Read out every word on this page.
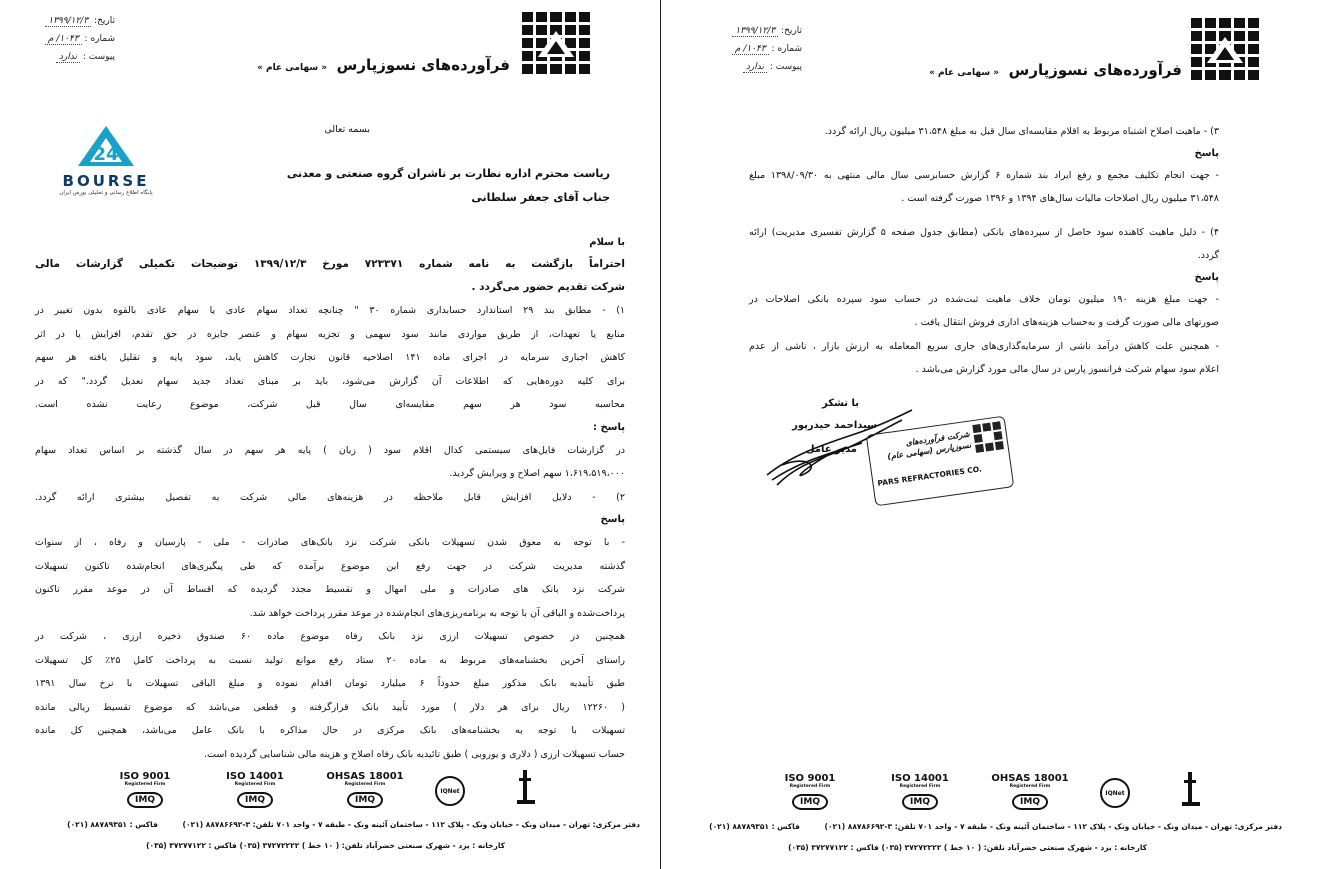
فرآورده‌های نسوزپارس « سهامی عام »
تاریخ: ۱۳۹۹/۱۲/۳
شماره : ۱۰۴۳/ م
پیوست : ندارد
بسمه تعالی
24
BOURSE
پایگاه اطلاع رسانی و تحلیلی بورس ایران
ریاست محترم اداره نظارت بر ناشران گروه صنعتی و معدنی
جناب آقای جعفر سلطانی
با سلام
احتراماً بازگشت به نامه شماره ۷۲۳۳۷۱ مورخ ۱۳۹۹/۱۲/۳ توضیحات تکمیلی گزارشات مالی
شرکت تقدیم حضور می‌گردد .
۱) - مطابق بند ۲۹ استاندارد حسابداری شماره ۳۰ " چنانچه تعداد سهام عادی یا سهام عادی بالقوه بدون تغییر در
منابع یا تعهدات، از طریق مواردی مانند سود سهمی و تجزیه سهام و عنصر جایزه در حق تقدم، افزایش یا در اثر
کاهش اجباری سرمایه در اجرای ماده ۱۴۱ اصلاحیه قانون تجارت کاهش یابد، سود پایه و تقلیل یافته هر سهم
برای کلیه دوره‌هایی که اطلاعات آن گزارش می‌شود، باید بر مبنای تعداد جدید سهام تعدیل گردد." که در
محاسبه سود هر سهم مقایسه‌ای سال قبل شرکت، موضوع رعایت نشده است.
پاسخ :
در گزارشات فایل‌های سیستمی کدال اقلام سود ( زیان ) پایه هر سهم در سال گذشته بر اساس تعداد سهام
۱،۶۱۹،۵۱۹،۰۰۰ سهم اصلاح و ویرایش گردید.
۲) - دلایل افزایش قابل ملاحظه در هزینه‌های مالی شرکت به تفصیل بیشتری ارائه گردد.
پاسخ
- با توجه به معوق شدن تسهیلات بانکی شرکت نزد بانک‌های صادرات - ملی - پارسیان و رفاه ، از سنوات
گذشته مدیریت شرکت در جهت رفع این موضوع برآمده که طی پیگیری‌های انجام‌شده تاکنون تسهیلات
شرکت نزد بانک های صادرات و ملی امهال و تقسیط مجدد گردیده که اقساط آن در موعد مقرر تاکنون
پرداخت‌شده و الباقی آن با توجه به برنامه‌ریزی‌های انجام‌شده در موعد مقرر پرداخت خواهد شد.
همچنین در خصوص تسهیلات ارزی نزد بانک رفاه موضوع ماده ۶۰ صندوق ذخیره ارزی ، شرکت در
راستای آخرین بخشنامه‌های مربوط به ماده ۲۰ ستاد رفع موانع تولید نسبت به پرداخت کامل ۲۵٪ کل تسهیلات
طبق تأییدیه بانک مذکور مبلغ حدوداً ۶ میلیارد تومان اقدام نموده و مبلغ الباقی تسهیلات با نرخ سال ۱۳۹۱
( ۱۲۲۶۰ ریال برای هر دلار ) مورد تأیید بانک قرارگرفته و قطعی می‌باشد که موضوع تقسیط ریالی مانده
تسهیلات با توجه به بخشنامه‌های بانک مرکزی در حال مذاکره با بانک عامل می‌باشد، همچنین کل مانده
حساب تسهیلات ارزی ( دلاری و یوروبی ) طبق تائیدیه بانک رفاه اصلاح و هزینه مالی شناسایی گردیده است.
ISO 9001
Registered Firm
IMQ
ISO 14001
Registered Firm
IMQ
OHSAS 18001
Registered Firm
IMQ
IQNet
دفتر مرکزی: تهران - میدان ونک - خیابان ونک - پلاک ۱۱۲ - ساختمان آئینه ونک - طبقه ۷ - واحد ۷۰۱ تلفن: ۳-۸۸۷۸۶۶۹۲ (۰۲۱) فاکس : ۸۸۷۸۹۳۵۱ (۰۲۱)
کارخانه : یزد - شهرک صنعتی خضرآباد تلفن: ( ۱۰ خط ) ۳۷۲۷۲۲۲۲ (۰۳۵) فاکس : ۳۷۲۷۷۱۲۲ (۰۳۵)
فرآورده‌های نسوزپارس « سهامی عام »
تاریخ: ۱۳۹۹/۱۲/۳
شماره : ۱۰۴۳/ م
پیوست : ندارد
۳) - ماهیت اصلاح اشتباه مربوط به اقلام مقایسه‌ای سال قبل به مبلغ ۳۱،۵۴۸ میلیون ریال ارائه گردد.
پاسخ
- جهت انجام تکلیف مجمع و رفع ایراد بند شماره ۶ گزارش حسابرسی سال مالی منتهی به ۱۳۹۸/۰۹/۳۰ مبلغ
۳۱،۵۴۸ میلیون ریال اصلاحات مالیات سال‌های ۱۳۹۴ و ۱۳۹۶ صورت گرفته است .
۴) - دلیل ماهیت کاهنده سود حاصل از سپرده‌های بانکی (مطابق جدول صفحه ۵ گزارش تفسیری مدیریت) ارائه
گردد.
پاسخ
- جهت مبلغ هزینه ۱۹۰ میلیون تومان خلاف ماهیت ثبت‌شده در حساب سود سپرده بانکی اصلاحات در
صورتهای مالی صورت گرفت و به‌حساب هزینه‌های اداری فروش انتقال یافت .
- همچنین علت کاهش درآمد ناشی از سرمایه‌گذاری‌های جاری سریع المعامله به ارزش بازار ، ناشی از عدم
اعلام سود سهام شرکت فرانسوز پارس در سال مالی مورد گزارش می‌باشد .
با تشکر
سیداحمد حیدرپور
مدیر عامل
شرکت فرآورده‌های نسوزپارس (سهامی عام)
PARS REFRACTORIES CO.
ISO 9001
Registered Firm
IMQ
ISO 14001
Registered Firm
IMQ
OHSAS 18001
Registered Firm
IMQ
IQNet
دفتر مرکزی: تهران - میدان ونک - خیابان ونک - پلاک ۱۱۲ - ساختمان آئینه ونک - طبقه ۷ - واحد ۷۰۱ تلفن: ۳-۸۸۷۸۶۶۹۲ (۰۲۱) فاکس : ۸۸۷۸۹۳۵۱ (۰۲۱)
کارخانه : یزد - شهرک صنعتی خضرآباد تلفن: ( ۱۰ خط ) ۳۷۲۷۲۲۲۲ (۰۳۵) فاکس : ۳۷۲۷۷۱۲۲ (۰۳۵)
